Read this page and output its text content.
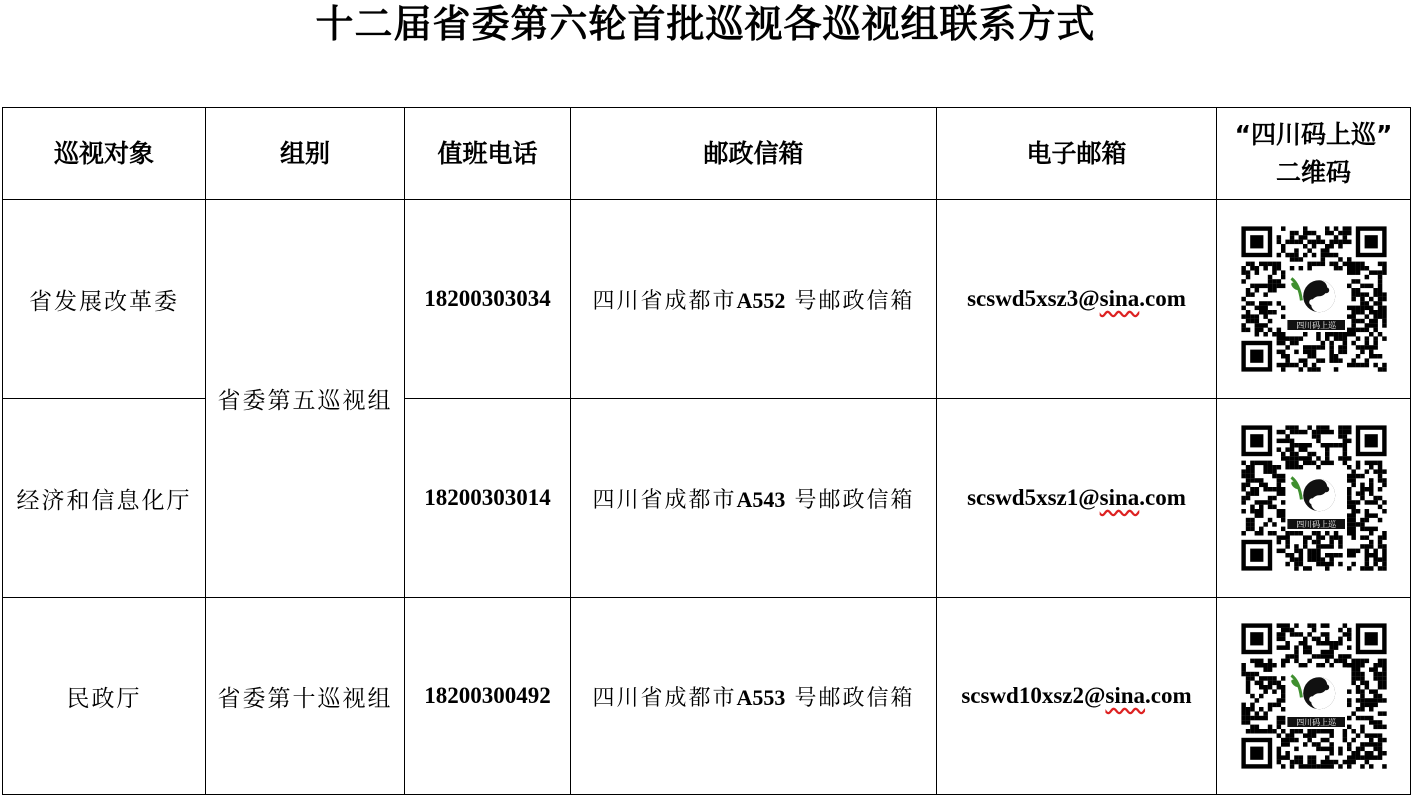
十二届省委第六轮首批巡视各巡视组联系方式
巡视对象	组别	值班电话	邮政信箱	电子邮箱	“四川码上巡”
二维码

省发展改革委	省委第五巡视组	18200303034	四川省成都市A552 号邮政信箱	scswd5xsz3@sina.com	四川码上巡

经济和信息化厅		18200303014	四川省成都市A543 号邮政信箱	scswd5xsz1@sina.com	四川码上巡

民政厅	省委第十巡视组	18200300492	四川省成都市A553 号邮政信箱	scswd10xsz2@sina.com	四川码上巡
